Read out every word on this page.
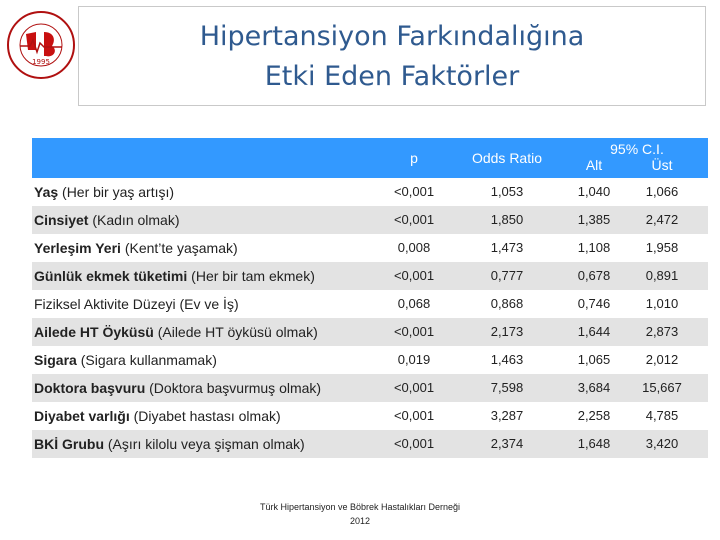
1995
Hipertansiyon Farkındalığına
Etki Eden Faktörler
p	Odds Ratio
95% C.I.
Alt	Üst
Yaş (Her bir yaş artışı)	<0,001	1,053	1,040	1,066
Cinsiyet (Kadın olmak)	<0,001	1,850	1,385	2,472
Yerleşim Yeri (Kent’te yaşamak)	0,008	1,473	1,108	1,958
Günlük ekmek tüketimi (Her bir tam ekmek)	<0,001	0,777	0,678	0,891
Fiziksel Aktivite Düzeyi (Ev ve İş)	0,068	0,868	0,746	1,010
Ailede HT Öyküsü (Ailede HT öyküsü olmak)	<0,001	2,173	1,644	2,873
Sigara (Sigara kullanmamak)	0,019	1,463	1,065	2,012
Doktora başvuru (Doktora başvurmuş olmak)	<0,001	7,598	3,684	15,667
Diyabet varlığı (Diyabet hastası olmak)	<0,001	3,287	2,258	4,785
BKİ Grubu (Aşırı kilolu veya şişman olmak)	<0,001	2,374	1,648	3,420
Türk Hipertansiyon ve Böbrek Hastalıkları Derneği
2012
